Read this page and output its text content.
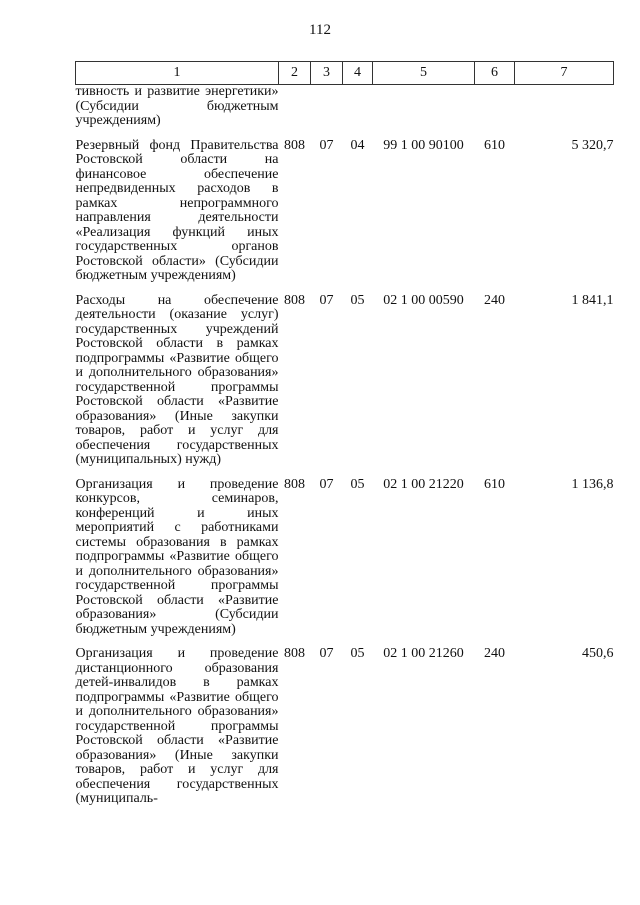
112
1	2	3	4	5	6	7
тивность и развитие энергетики» (Субсидии бюджетным учреждениям)						

Резервный фонд Правительства Ростовской области на финансовое обеспечение непредвиденных расходов в рамках непрограммного направления деятельности «Реализация функций иных государственных органов Ростовской области» (Субсидии бюджетным учреждениям)	808	07	04	99 1 00 90100	610	5 320,7

Расходы на обеспечение деятельности (оказание услуг) государственных учреждений Ростовской области в рамках подпрограммы «Развитие общего и дополнительного образования» государственной программы Ростовской области «Развитие образования» (Иные закупки товаров, работ и услуг для обеспечения государственных (муниципальных) нужд)	808	07	05	02 1 00 00590	240	1 841,1

Организация и проведение конкурсов, семинаров, конференций и иных мероприятий с работниками системы образования в рамках подпрограммы «Развитие общего и дополнительного образования» государственной программы Ростовской области «Развитие образования» (Субсидии бюджетным учреждениям)	808	07	05	02 1 00 21220	610	1 136,8

Организация и проведение дистанционного образования детей-инвалидов в рамках подпрограммы «Развитие общего и дополнительного образования» государственной программы Ростовской области «Развитие образования» (Иные закупки товаров, работ и услуг для обеспечения государственных (муниципаль-	808	07	05	02 1 00 21260	240	450,6
